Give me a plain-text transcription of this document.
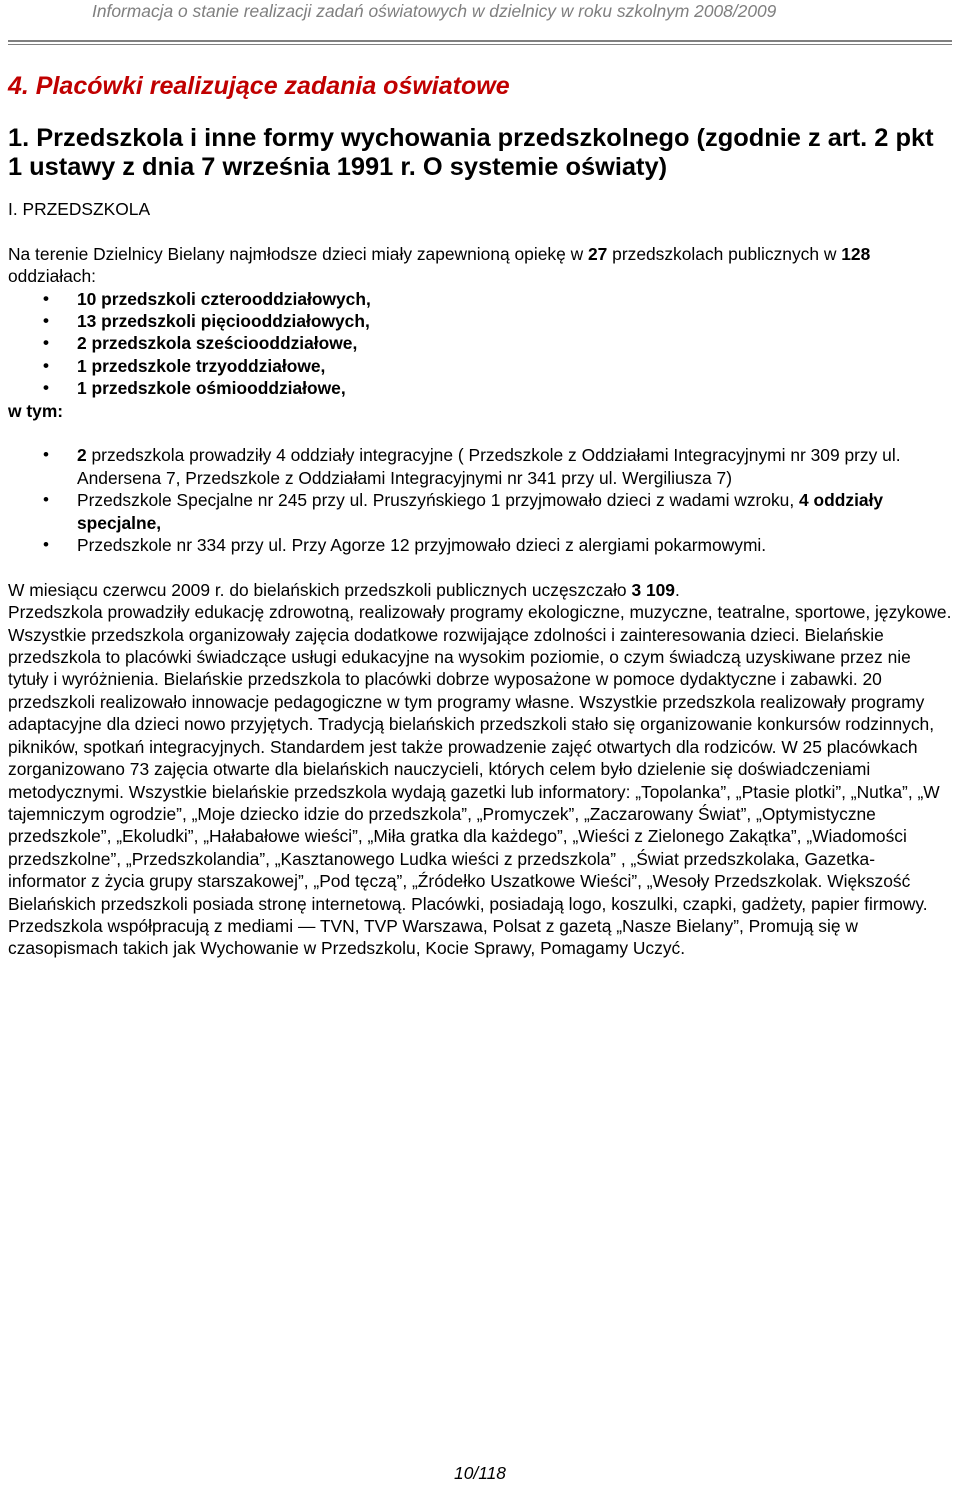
Informacja o stanie realizacji zadań oświatowych w dzielnicy w roku szkolnym 2008/2009
4. Placówki realizujące zadania oświatowe
1. Przedszkola i inne formy wychowania przedszkolnego (zgodnie z art. 2 pkt 1 ustawy z dnia 7 września 1991 r. O systemie oświaty)

I. PRZEDSZKOLA

Na terenie Dzielnicy Bielany najmłodsze dzieci miały zapewnioną opiekę w 27 przedszkolach publicznych w 128 oddziałach:

• 10 przedszkoli czterooddziałowych,
• 13 przedszkoli pięciooddziałowych,
• 2 przedszkola sześciooddziałowe,
• 1 przedszkole trzyoddziałowe,
• 1 przedszkole ośmiooddziałowe,

w tym:

• 2 przedszkola prowadziły 4 oddziały integracyjne ( Przedszkole z Oddziałami Integracyjnymi nr 309 przy ul. Andersena 7, Przedszkole z Oddziałami Integracyjnymi nr 341 przy ul. Wergiliusza 7)
• Przedszkole Specjalne nr 245 przy ul. Pruszyńskiego 1 przyjmowało dzieci z wadami wzroku, 4 oddziały specjalne,
• Przedszkole nr 334 przy ul. Przy Agorze 12 przyjmowało dzieci z alergiami pokarmowymi.

W miesiącu czerwcu 2009 r. do bielańskich przedszkoli publicznych uczęszczało 3 109.

Przedszkola prowadziły edukację zdrowotną, realizowały programy ekologiczne, muzyczne, teatralne, sportowe, językowe. Wszystkie przedszkola organizowały zajęcia dodatkowe rozwijające zdolności i zainteresowania dzieci. Bielańskie przedszkola to placówki świadczące usługi edukacyjne na wysokim poziomie, o czym świadczą uzyskiwane przez nie tytuły i wyróżnienia. Bielańskie przedszkola to placówki dobrze wyposażone w pomoce dydaktyczne i zabawki. 20 przedszkoli realizowało innowacje pedagogiczne w tym programy własne. Wszystkie przedszkola realizowały programy adaptacyjne dla dzieci nowo przyjętych. Tradycją bielańskich przedszkoli stało się organizowanie konkursów rodzinnych, pikników, spotkań integracyjnych. Standardem jest także prowadzenie zajęć otwartych dla rodziców. W 25 placówkach zorganizowano 73 zajęcia otwarte dla bielańskich nauczycieli, których celem było dzielenie się doświadczeniami metodycznymi. Wszystkie bielańskie przedszkola wydają gazetki lub informatory: „Topolanka”, „Ptasie plotki”, „Nutka”, „W tajemniczym ogrodzie”, „Moje dziecko idzie do przedszkola”, „Promyczek”, „Zaczarowany Świat”, „Optymistyczne przedszkole”, „Ekoludki”, „Hałabałowe wieści”, „Miła gratka dla każdego”, „Wieści z Zielonego Zakątka”, „Wiadomości przedszkolne”, „Przedszkolandia”, „Kasztanowego Ludka wieści z przedszkola” , „Świat przedszkolaka, Gazetka- informator z życia grupy starszakowej”, „Pod tęczą”, „Źródełko Uszatkowe Wieści”, „Wesoły Przedszkolak. Większość Bielańskich przedszkoli posiada stronę internetową. Placówki, posiadają logo, koszulki, czapki, gadżety, papier firmowy. Przedszkola współpracują z mediami — TVN, TVP Warszawa, Polsat z gazetą „Nasze Bielany”, Promują się w czasopismach takich jak Wychowanie w Przedszkolu, Kocie Sprawy, Pomagamy Uczyć.

10/118
